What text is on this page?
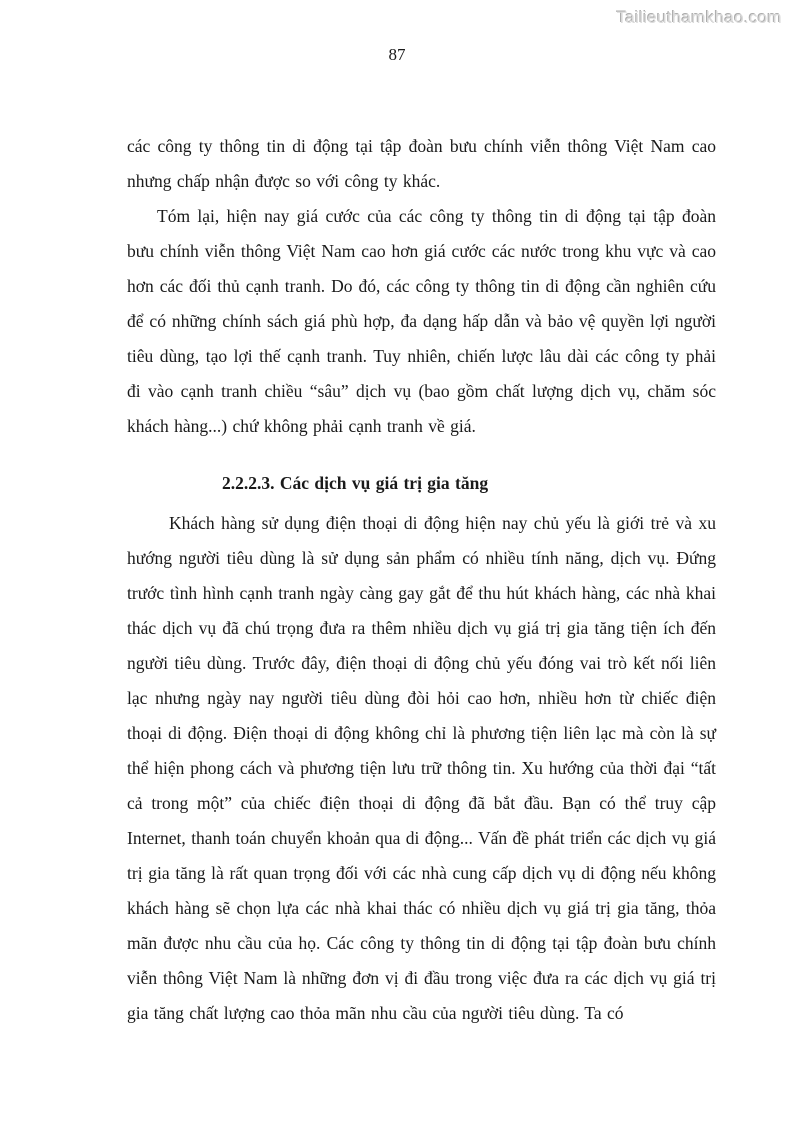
Tailieuthamkhao.com
87

các công ty thông tin di động tại tập đoàn bưu chính viễn thông Việt Nam cao nhưng chấp nhận được so với công ty khác.

Tóm lại, hiện nay giá cước của các công ty thông tin di động tại tập đoàn bưu chính viễn thông Việt Nam cao hơn giá cước các nước trong khu vực và cao hơn các đối thủ cạnh tranh. Do đó, các công ty thông tin di động cần nghiên cứu để có những chính sách giá phù hợp, đa dạng hấp dẫn và bảo vệ quyền lợi người tiêu dùng, tạo lợi thế cạnh tranh. Tuy nhiên, chiến lược lâu dài các công ty phải đi vào cạnh tranh chiều “sâu” dịch vụ (bao gồm chất lượng dịch vụ, chăm sóc khách hàng...) chứ không phải cạnh tranh về giá.

2.2.2.3. Các dịch vụ giá trị gia tăng

Khách hàng sử dụng điện thoại di động hiện nay chủ yếu là giới trẻ và xu hướng người tiêu dùng là sử dụng sản phẩm có nhiều tính năng, dịch vụ. Đứng trước tình hình cạnh tranh ngày càng gay gắt để thu hút khách hàng, các nhà khai thác dịch vụ đã chú trọng đưa ra thêm nhiều dịch vụ giá trị gia tăng tiện ích đến người tiêu dùng. Trước đây, điện thoại di động chủ yếu đóng vai trò kết nối liên lạc nhưng ngày nay người tiêu dùng đòi hỏi cao hơn, nhiều hơn từ chiếc điện thoại di động. Điện thoại di động không chỉ là phương tiện liên lạc mà còn là sự thể hiện phong cách và phương tiện lưu trữ thông tin. Xu hướng của thời đại “tất cả trong một” của chiếc điện thoại di động đã bắt đầu. Bạn có thể truy cập Internet, thanh toán chuyển khoản qua di động... Vấn đề phát triển các dịch vụ giá trị gia tăng là rất quan trọng đối với các nhà cung cấp dịch vụ di động nếu không khách hàng sẽ chọn lựa các nhà khai thác có nhiều dịch vụ giá trị gia tăng, thỏa mãn được nhu cầu của họ. Các công ty thông tin di động tại tập đoàn bưu chính viễn thông Việt Nam là những đơn vị đi đầu trong việc đưa ra các dịch vụ giá trị gia tăng chất lượng cao thỏa mãn nhu cầu của người tiêu dùng. Ta có
